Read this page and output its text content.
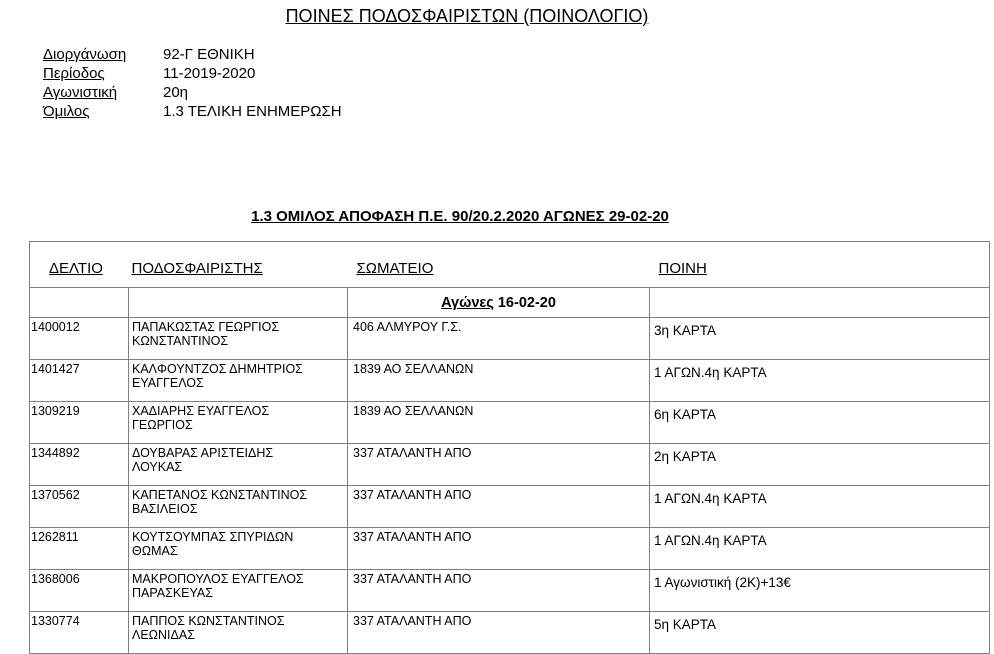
ΠΟΙΝΕΣ ΠΟΔΟΣΦΑΙΡΙΣΤΩΝ (ΠΟΙΝΟΛΟΓΙΟ)
Διοργάνωση 92-Γ ΕΘΝΙΚΗ
Περίοδος	11-2019-2020
Αγωνιστική	20η
Όμιλος	1.3 ΤΕΛΙΚΗ ΕΝΗΜΕΡΩΣΗ
1.3 ΟΜΙΛΟΣ ΑΠΟΦΑΣΗ Π.Ε. 90/20.2.2020 ΑΓΩΝΕΣ 29-02-20
ΔΕΛΤΙΟ	ΠΟΔΟΣΦΑΙΡΙΣΤΗΣ	ΣΩΜΑΤΕΙΟ	ΠΟΙΝΗ

		Αγώνες 16-02-20	
1400012	ΠΑΠΑΚΩΣΤΑΣ ΓΕΩΡΓΙΟΣ
ΚΩΝΣΤΑΝΤΙΝΟΣ	406 ΑΛΜΥΡΟΥ Γ.Σ.	3η ΚΑΡΤΑ
1401427	ΚΑΛΦΟΥΝΤΖΟΣ ΔΗΜΗΤΡΙΟΣ
ΕΥΑΓΓΕΛΟΣ	1839 ΑΟ ΣΕΛΛΑΝΩΝ	1 ΑΓΩΝ.4η ΚΑΡΤΑ
1309219	ΧΑΔΙΑΡΗΣ ΕΥΑΓΓΕΛΟΣ
ΓΕΩΡΓΙΟΣ	1839 ΑΟ ΣΕΛΛΑΝΩΝ	6η ΚΑΡΤΑ
1344892	ΔΟΥΒΑΡΑΣ ΑΡΙΣΤΕΙΔΗΣ
ΛΟΥΚΑΣ	337 ΑΤΑΛΑΝΤΗ ΑΠΟ	2η ΚΑΡΤΑ
1370562	ΚΑΠΕΤΑΝΟΣ ΚΩΝΣΤΑΝΤΙΝΟΣ
ΒΑΣΙΛΕΙΟΣ	337 ΑΤΑΛΑΝΤΗ ΑΠΟ	1 ΑΓΩΝ.4η ΚΑΡΤΑ
1262811	ΚΟΥΤΣΟΥΜΠΑΣ ΣΠΥΡΙΔΩΝ
ΘΩΜΑΣ	337 ΑΤΑΛΑΝΤΗ ΑΠΟ	1 ΑΓΩΝ.4η ΚΑΡΤΑ
1368006	ΜΑΚΡΟΠΟΥΛΟΣ ΕΥΑΓΓΕΛΟΣ
ΠΑΡΑΣΚΕΥΑΣ	337 ΑΤΑΛΑΝΤΗ ΑΠΟ	1 Αγωνιστική (2Κ)+13€
1330774	ΠΑΠΠΟΣ ΚΩΝΣΤΑΝΤΙΝΟΣ
ΛΕΩΝΙΔΑΣ	337 ΑΤΑΛΑΝΤΗ ΑΠΟ	5η ΚΑΡΤΑ
